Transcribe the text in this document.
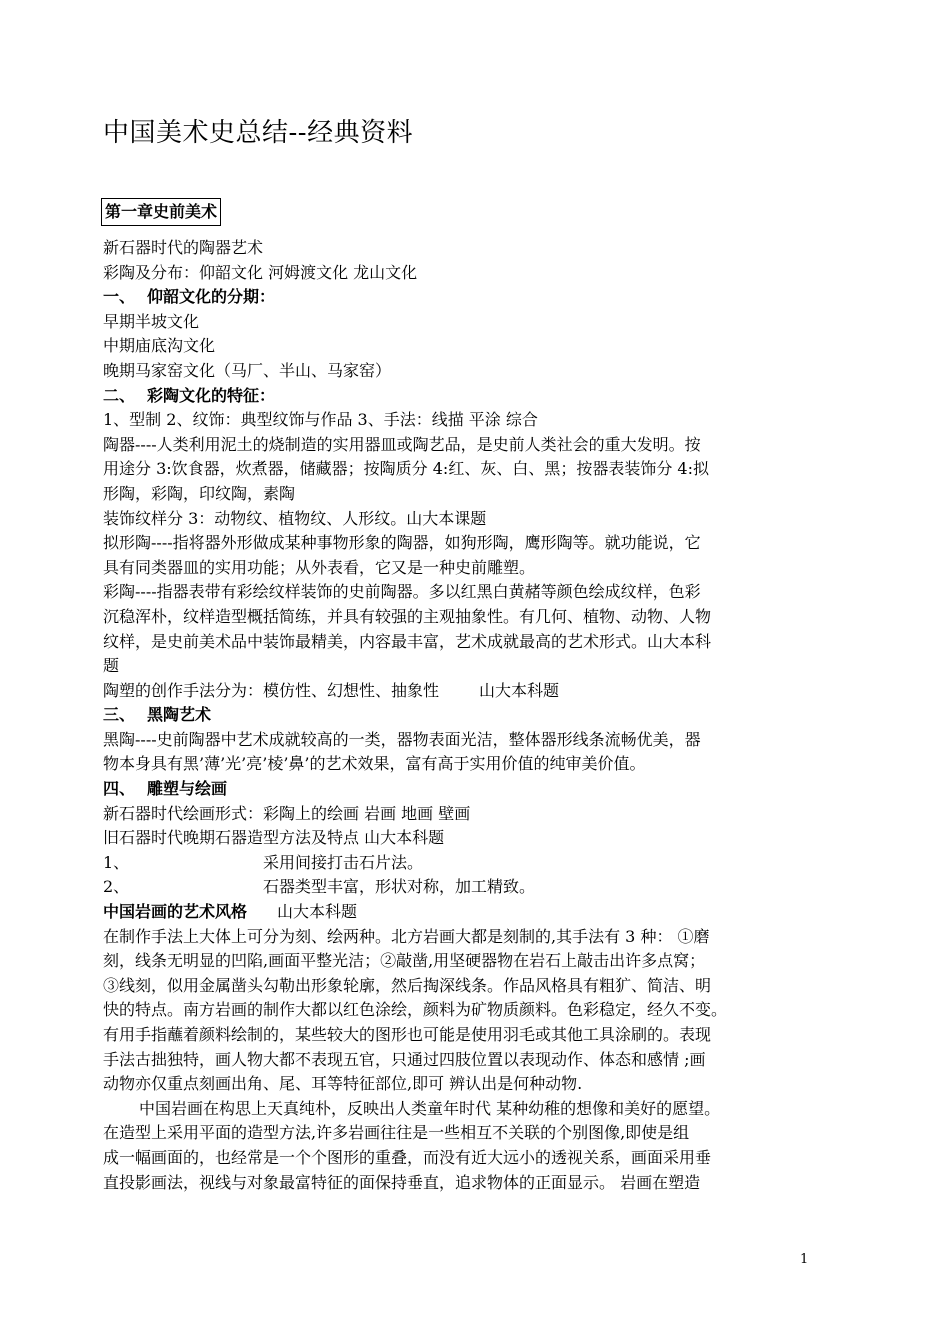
中国美术史总结--经典资料
第一章史前美术
新石器时代的陶器艺术
彩陶及分布：仰韶文化 河姆渡文化 龙山文化
一、 仰韶文化的分期：
早期半坡文化
中期庙底沟文化
晚期马家窑文化（马厂、半山、马家窑）
二、 彩陶文化的特征：
1、型制 2、纹饰：典型纹饰与作品 3、手法：线描 平涂 综合
陶器----人类利用泥土的烧制造的实用器皿或陶艺品，是史前人类社会的重大发明。按
用途分 3:饮食器，炊煮器，储藏器；按陶质分 4:红、灰、白、黑；按器表装饰分 4:拟
形陶，彩陶，印纹陶，素陶
装饰纹样分 3：动物纹、植物纹、人形纹。山大本课题
拟形陶----指将器外形做成某种事物形象的陶器，如狗形陶，鹰形陶等。就功能说，它
具有同类器皿的实用功能；从外表看，它又是一种史前雕塑。
彩陶----指器表带有彩绘纹样装饰的史前陶器。多以红黑白黄赭等颜色绘成纹样，色彩
沉稳浑朴，纹样造型概括简练，并具有较强的主观抽象性。有几何、植物、动物、人物
纹样，是史前美术品中装饰最精美，内容最丰富，艺术成就最高的艺术形式。山大本科
题
陶塑的创作手法分为：模仿性、幻想性、抽象性	山大本科题
三、 黑陶艺术
黑陶----史前陶器中艺术成就较高的一类，器物表面光洁，整体器形线条流畅优美，器
物本身具有黑’薄’光’亮’棱’鼻’的艺术效果，富有高于实用价值的纯审美价值。
四、 雕塑与绘画
新石器时代绘画形式：彩陶上的绘画 岩画 地画 壁画
旧石器时代晚期石器造型方法及特点 山大本科题
1、	采用间接打击石片法。
2、	石器类型丰富，形状对称，加工精致。
中国岩画的艺术风格 山大本科题
在制作手法上大体上可分为刻、绘两种。北方岩画大都是刻制的,其手法有 3 种： ①磨
刻，线条无明显的凹陷,画面平整光洁；②敲凿,用坚硬器物在岩石上敲击出许多点窝；
③线刻，似用金属凿头勾勒出形象轮廓，然后掏深线条。作品风格具有粗犷、简洁、明
快的特点。南方岩画的制作大都以红色涂绘，颜料为矿物质颜料。色彩稳定，经久不变。
有用手指蘸着颜料绘制的，某些较大的图形也可能是使用羽毛或其他工具涂刷的。表现
手法古拙独特，画人物大都不表现五官，只通过四肢位置以表现动作、体态和感情 ;画
动物亦仅重点刻画出角、尾、耳等特征部位,即可 辨认出是何种动物.
中国岩画在构思上天真纯朴，反映出人类童年时代 某种幼稚的想像和美好的愿望。
在造型上采用平面的造型方法,许多岩画往往是一些相互不关联的个别图像,即使是组
成一幅画面的，也经常是一个个图形的重叠，而没有近大远小的透视关系，画面采用垂
直投影画法，视线与对象最富特征的面保持垂直，追求物体的正面显示。 岩画在塑造
1
